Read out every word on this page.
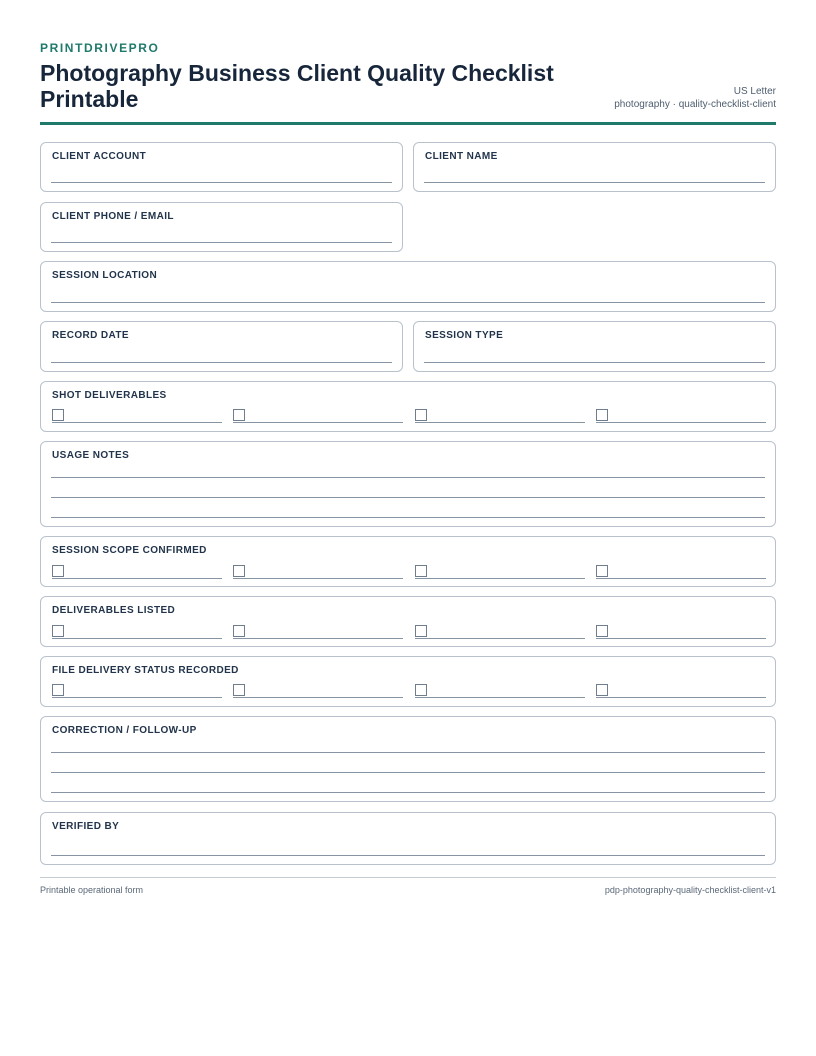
PRINTDRIVEPRO
Photography Business Client Quality Checklist Printable	US Letter
photography · quality-checklist-client
CLIENT ACCOUNT	CLIENT NAME
CLIENT PHONE / EMAIL
SESSION LOCATION
RECORD DATE	SESSION TYPE
SHOT DELIVERABLES
USAGE NOTES
SESSION SCOPE CONFIRMED
DELIVERABLES LISTED
FILE DELIVERY STATUS RECORDED
CORRECTION / FOLLOW-UP
VERIFIED BY
Printable operational form	pdp-photography-quality-checklist-client-v1
